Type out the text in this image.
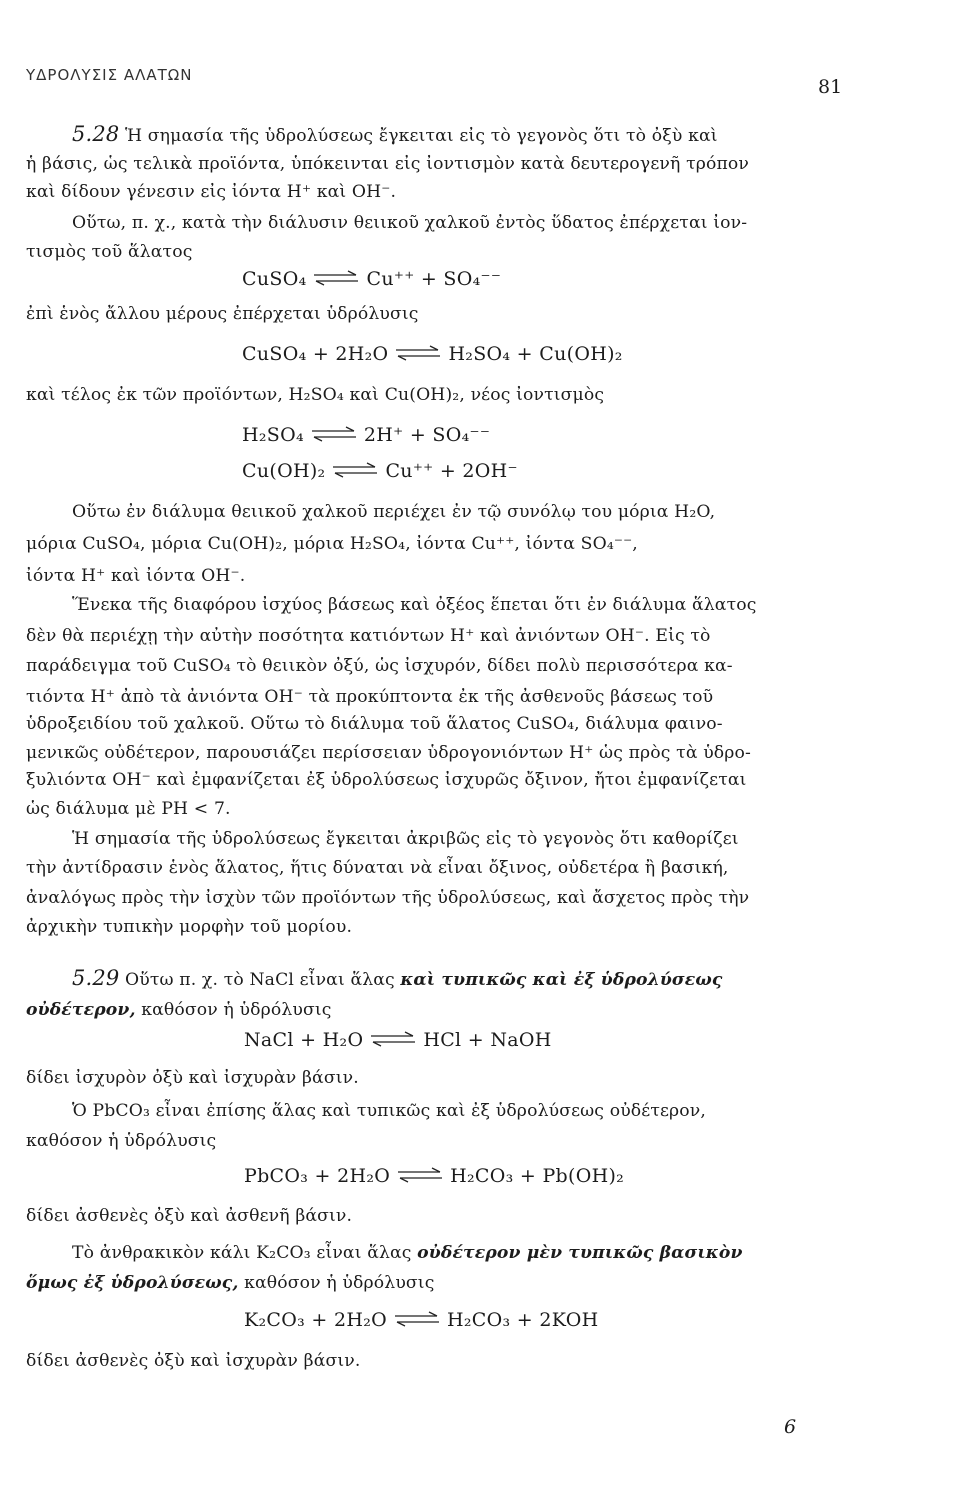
ΥΔΡΟΛΥΣΙΣ ΑΛΑΤΩΝ
81
5.28 Ἡ σημασία τῆς ὑδρολύσεως ἔγκειται εἰς τὸ γεγονὸς ὅτι τὸ ὀξὺ καὶ
ἡ βάσις, ὡς τελικὰ προϊόντα, ὑπόκεινται εἰς ἰοντισμὸν κατὰ δευτερογενῆ τρόπον
καὶ δίδουν γένεσιν εἰς ἰόντα H⁺ καὶ OH⁻.
Οὕτω, π. χ., κατὰ τὴν διάλυσιν θειικοῦ χαλκοῦ ἐντὸς ὕδατος ἐπέρχεται ἰον-
τισμὸς τοῦ ἅλατος
CuSO₄ ⇌ Cu⁺⁺ + SO₄⁻⁻
ἐπὶ ἑνὸς ἄλλου μέρους ἐπέρχεται ὑδρόλυσις
CuSO₄ + 2H₂O ⇌ H₂SO₄ + Cu(OH)₂
καὶ τέλος ἐκ τῶν προϊόντων, H₂SO₄ καὶ Cu(OH)₂, νέος ἰοντισμὸς
H₂SO₄ ⇌ 2H⁺ + SO₄⁻⁻
Cu(OH)₂ ⇌ Cu⁺⁺ + 2OH⁻
Οὕτω ἐν διάλυμα θειικοῦ χαλκοῦ περιέχει ἐν τῷ συνόλῳ του μόρια H₂O,
μόρια CuSO₄, μόρια Cu(OH)₂, μόρια H₂SO₄, ἰόντα Cu⁺⁺, ἰόντα SO₄⁻⁻,
ἰόντα H⁺ καὶ ἰόντα OH⁻.
Ἕνεκα τῆς διαφόρου ἰσχύος βάσεως καὶ ὀξέος ἕπεται ὅτι ἐν διάλυμα ἅλατος
δὲν θὰ περιέχῃ τὴν αὐτὴν ποσότητα κατιόντων H⁺ καὶ ἀνιόντων OH⁻. Εἰς τὸ
παράδειγμα τοῦ CuSO₄ τὸ θειικὸν ὀξύ, ὡς ἰσχυρόν, δίδει πολὺ περισσότερα κα-
τιόντα H⁺ ἀπὸ τὰ ἀνιόντα OH⁻ τὰ προκύπτοντα ἐκ τῆς ἀσθενοῦς βάσεως τοῦ
ὑδροξειδίου τοῦ χαλκοῦ. Οὕτω τὸ διάλυμα τοῦ ἅλατος CuSO₄, διάλυμα φαινο-
μενικῶς οὐδέτερον, παρουσιάζει περίσσειαν ὑδρογονιόντων H⁺ ὡς πρὸς τὰ ὑδρο-
ξυλιόντα OH⁻ καὶ ἐμφανίζεται ἐξ ὑδρολύσεως ἰσχυρῶς ὄξινον, ἤτοι ἐμφανίζεται
ὡς διάλυμα μὲ PH < 7.
Ἡ σημασία τῆς ὑδρολύσεως ἔγκειται ἀκριβῶς εἰς τὸ γεγονὸς ὅτι καθορίζει
τὴν ἀντίδρασιν ἑνὸς ἅλατος, ἥτις δύναται νὰ εἶναι ὄξινος, οὐδετέρα ἢ βασική,
ἀναλόγως πρὸς τὴν ἰσχὺν τῶν προϊόντων τῆς ὑδρολύσεως, καὶ ἄσχετος πρὸς τὴν
ἀρχικὴν τυπικὴν μορφὴν τοῦ μορίου.
5.29 Οὕτω π. χ. τὸ NaCl εἶναι ἅλας καὶ τυπικῶς καὶ ἐξ ὑδρολύσεως
οὐδέτερον, καθόσον ἡ ὑδρόλυσις
NaCl + H₂O ⇌ HCl + NaOH
δίδει ἰσχυρὸν ὀξὺ καὶ ἰσχυρὰν βάσιν.
Ὁ PbCO₃ εἶναι ἐπίσης ἅλας καὶ τυπικῶς καὶ ἐξ ὑδρολύσεως οὐδέτερον,
καθόσον ἡ ὑδρόλυσις
PbCO₃ + 2H₂O ⇌ H₂CO₃ + Pb(OH)₂
δίδει ἀσθενὲς ὀξὺ καὶ ἀσθενῆ βάσιν.
Τὸ ἀνθρακικὸν κάλι K₂CO₃ εἶναι ἅλας οὐδέτερον μὲν τυπικῶς βασικὸν
ὅμως ἐξ ὑδρολύσεως, καθόσον ἡ ὑδρόλυσις
K₂CO₃ + 2H₂O ⇌ H₂CO₃ + 2KOH
δίδει ἀσθενὲς ὀξὺ καὶ ἰσχυρὰν βάσιν.
6
